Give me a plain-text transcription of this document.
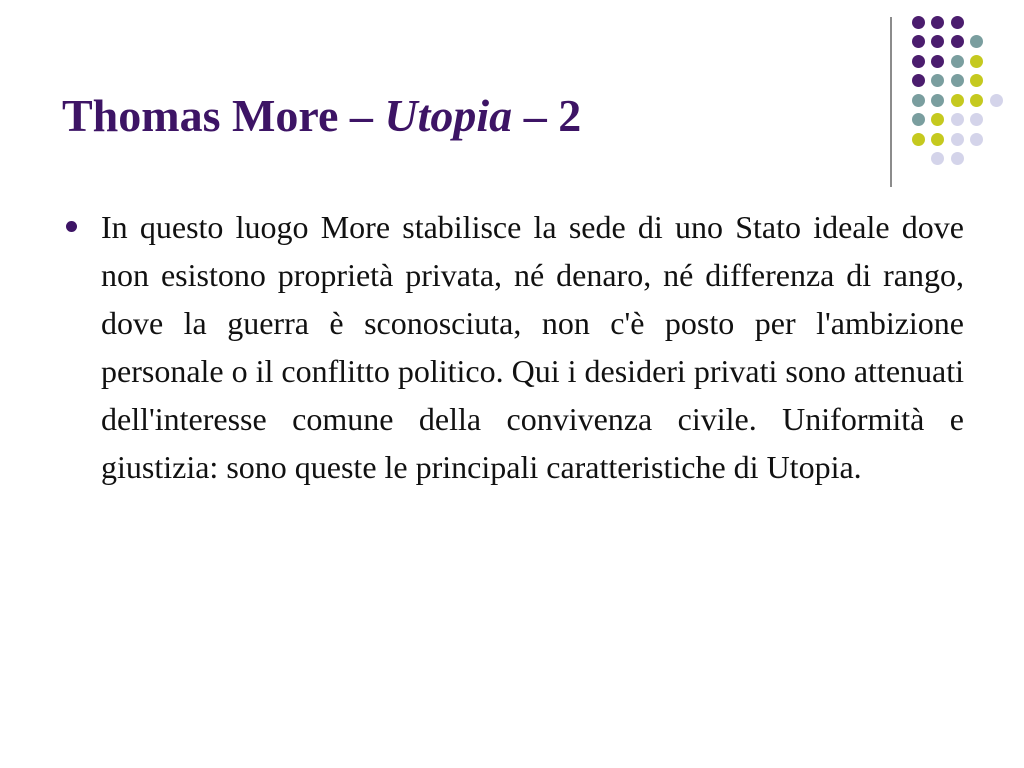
Thomas More – Utopia – 2
In questo luogo More stabilisce la sede di uno Stato ideale dove non esistono proprietà privata, né denaro, né differenza di rango, dove la guerra è sconosciuta, non c'è posto per l'ambizione personale o il conflitto politico. Qui i desideri privati sono attenuati dell'interesse comune della convivenza civile. Uniformità e giustizia: sono queste le principali caratteristiche di Utopia.
